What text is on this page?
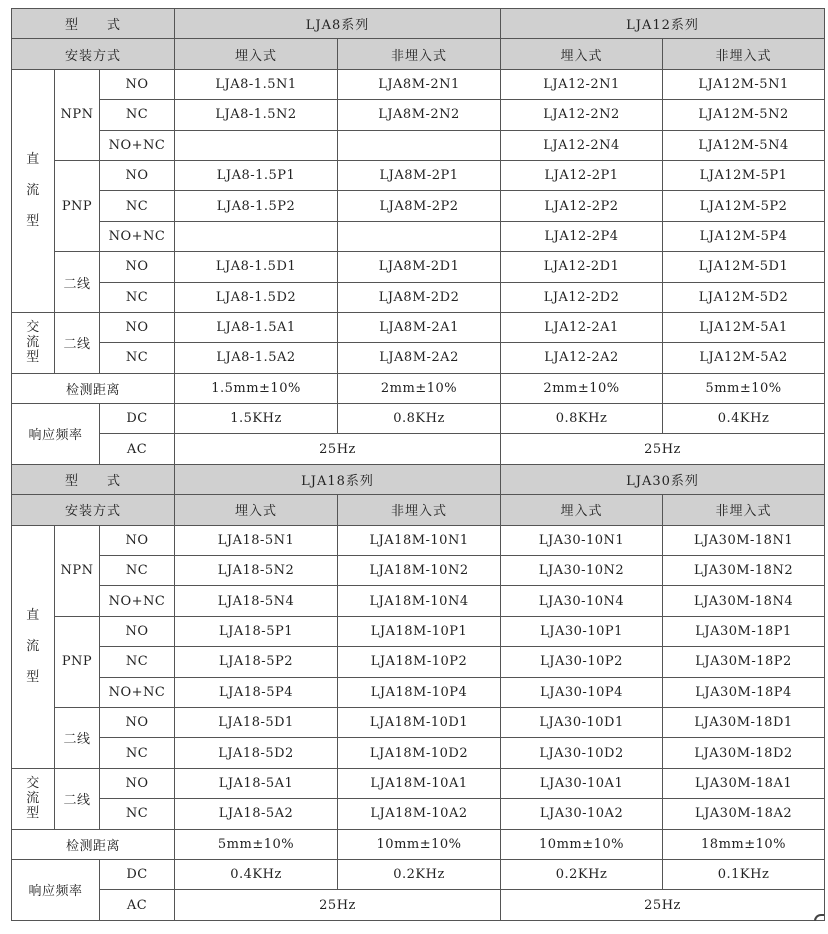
型　　式			LJA8系列		LJA12系列	
安装方式			埋入式	非埋入式	埋入式	非埋入式
直
流
型	NPN	NO	LJA8-1.5N1	LJA8M-2N1	LJA12-2N1	LJA12M-5N1
		NC	LJA8-1.5N2	LJA8M-2N2	LJA12-2N2	LJA12M-5N2
		NO+NC			LJA12-2N4	LJA12M-5N4
	PNP	NO	LJA8-1.5P1	LJA8M-2P1	LJA12-2P1	LJA12M-5P1
		NC	LJA8-1.5P2	LJA8M-2P2	LJA12-2P2	LJA12M-5P2
		NO+NC			LJA12-2P4	LJA12M-5P4
	二线	NO	LJA8-1.5D1	LJA8M-2D1	LJA12-2D1	LJA12M-5D1
		NC	LJA8-1.5D2	LJA8M-2D2	LJA12-2D2	LJA12M-5D2
交
流
型	二线	NO	LJA8-1.5A1	LJA8M-2A1	LJA12-2A1	LJA12M-5A1
		NC	LJA8-1.5A2	LJA8M-2A2	LJA12-2A2	LJA12M-5A2
检测距离			1.5mm±10%	2mm±10%	2mm±10%	5mm±10%
响应频率		DC	1.5KHz	0.8KHz	0.8KHz	0.4KHz
		AC	25Hz		25Hz	
型　　式			LJA18系列		LJA30系列	
安装方式			埋入式	非埋入式	埋入式	非埋入式
直
流
型	NPN	NO	LJA18-5N1	LJA18M-10N1	LJA30-10N1	LJA30M-18N1
		NC	LJA18-5N2	LJA18M-10N2	LJA30-10N2	LJA30M-18N2
		NO+NC	LJA18-5N4	LJA18M-10N4	LJA30-10N4	LJA30M-18N4
	PNP	NO	LJA18-5P1	LJA18M-10P1	LJA30-10P1	LJA30M-18P1
		NC	LJA18-5P2	LJA18M-10P2	LJA30-10P2	LJA30M-18P2
		NO+NC	LJA18-5P4	LJA18M-10P4	LJA30-10P4	LJA30M-18P4
	二线	NO	LJA18-5D1	LJA18M-10D1	LJA30-10D1	LJA30M-18D1
		NC	LJA18-5D2	LJA18M-10D2	LJA30-10D2	LJA30M-18D2
交
流
型	二线	NO	LJA18-5A1	LJA18M-10A1	LJA30-10A1	LJA30M-18A1
		NC	LJA18-5A2	LJA18M-10A2	LJA30-10A2	LJA30M-18A2
检测距离			5mm±10%	10mm±10%	10mm±10%	18mm±10%
响应频率		DC	0.4KHz	0.2KHz	0.2KHz	0.1KHz
		AC	25Hz		25Hz	
